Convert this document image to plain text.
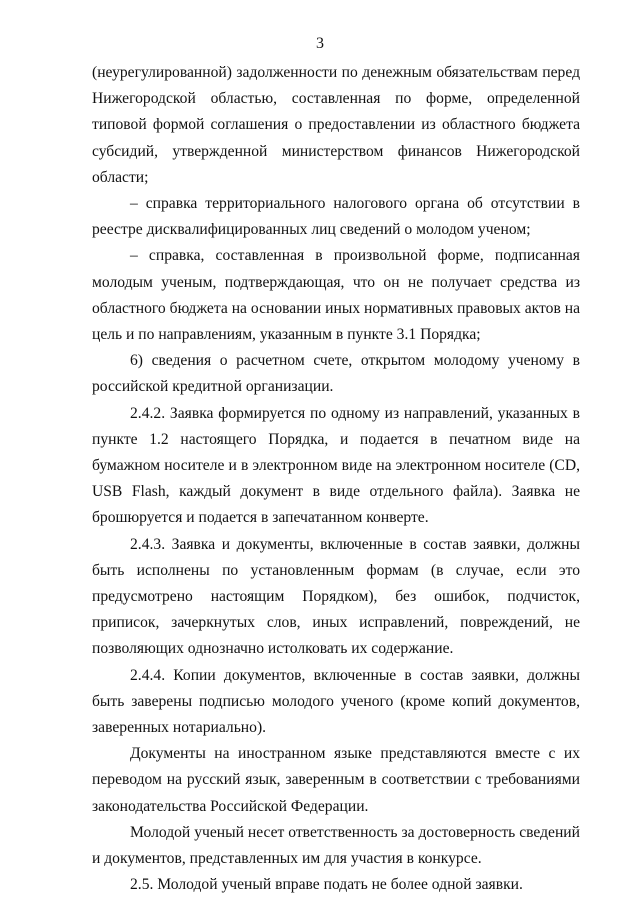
3

(неурегулированной) задолженности по денежным обязательствам перед Нижегородской областью, составленная по форме, определенной типовой формой соглашения о предоставлении из областного бюджета субсидий, утвержденной министерством финансов Нижегородской области;

– справка территориального налогового органа об отсутствии в реестре дисквалифицированных лиц сведений о молодом ученом;

– справка, составленная в произвольной форме, подписанная молодым ученым, подтверждающая, что он не получает средства из областного бюджета на основании иных нормативных правовых актов на цель и по направлениям, указанным в пункте 3.1 Порядка;

6) сведения о расчетном счете, открытом молодому ученому в российской кредитной организации.

2.4.2. Заявка формируется по одному из направлений, указанных в пункте 1.2 настоящего Порядка, и подается в печатном виде на бумажном носителе и в электронном виде на электронном носителе (CD, USB Flash, каждый документ в виде отдельного файла). Заявка не брошюруется и подается в запечатанном конверте.

2.4.3. Заявка и документы, включенные в состав заявки, должны быть исполнены по установленным формам (в случае, если это предусмотрено настоящим Порядком), без ошибок, подчисток, приписок, зачеркнутых слов, иных исправлений, повреждений, не позволяющих однозначно истолковать их содержание.

2.4.4. Копии документов, включенные в состав заявки, должны быть заверены подписью молодого ученого (кроме копий документов, заверенных нотариально).

Документы на иностранном языке представляются вместе с их переводом на русский язык, заверенным в соответствии с требованиями законодательства Российской Федерации.

Молодой ученый несет ответственность за достоверность сведений и документов, представленных им для участия в конкурсе.

2.5. Молодой ученый вправе подать не более одной заявки.
